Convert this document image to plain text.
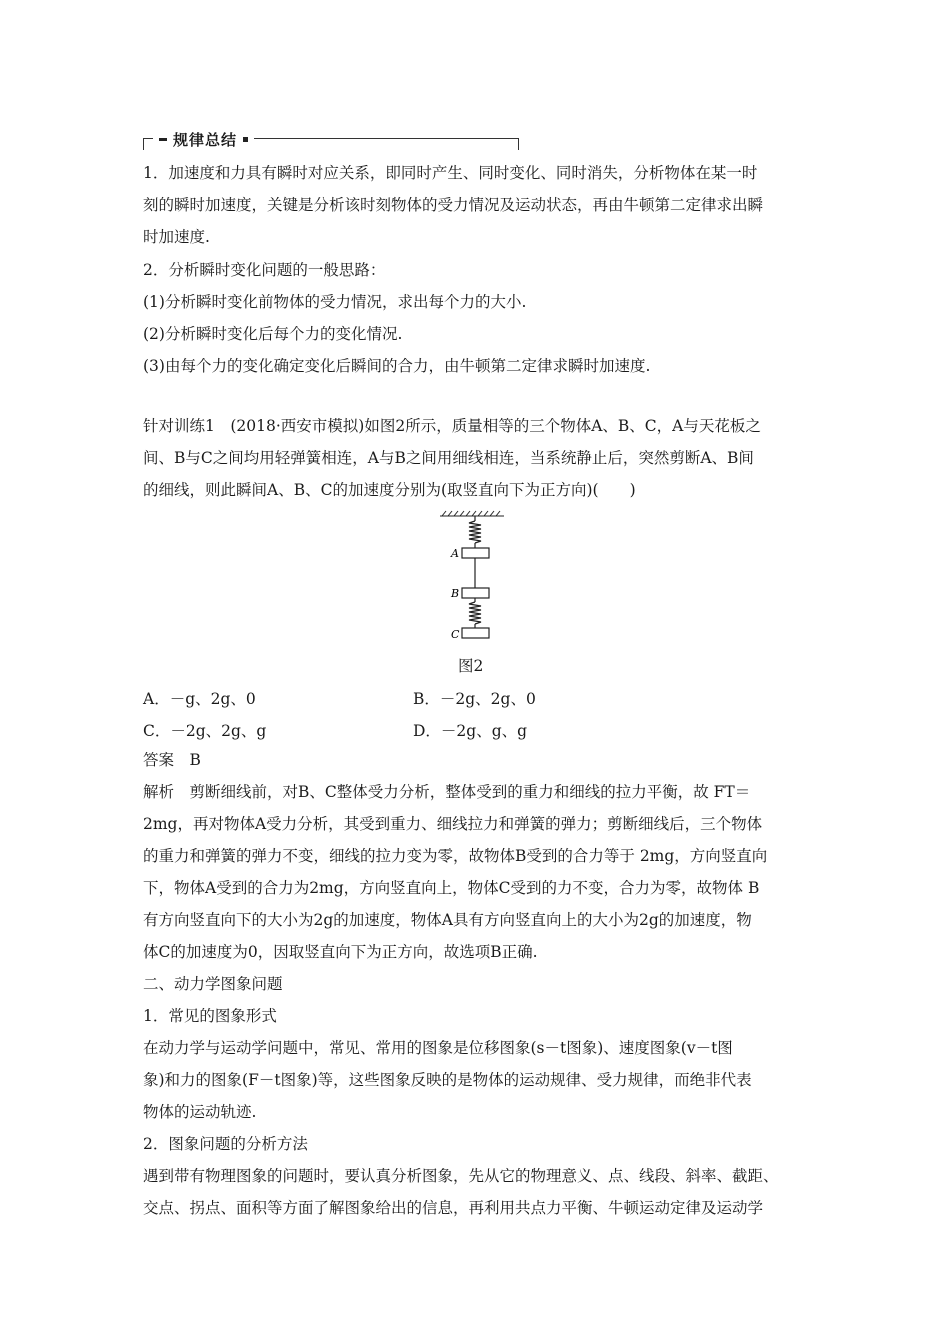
规律总结
1．加速度和力具有瞬时对应关系，即同时产生、同时变化、同时消失，分析物体在某一时
刻的瞬时加速度，关键是分析该时刻物体的受力情况及运动状态，再由牛顿第二定律求出瞬
时加速度.
2．分析瞬时变化问题的一般思路：
(1)分析瞬时变化前物体的受力情况，求出每个力的大小.
(2)分析瞬时变化后每个力的变化情况.
(3)由每个力的变化确定变化后瞬间的合力，由牛顿第二定律求瞬时加速度.
针对训练1　(2018·西安市模拟)如图2所示，质量相等的三个物体A、B、C，A与天花板之
间、B与C之间均用轻弹簧相连，A与B之间用细线相连，当系统静止后，突然剪断A、B间
的细线，则此瞬间A、B、C的加速度分别为(取竖直向下为正方向)(　　)
A
B
C
图2
A．－g、2g、0	B．－2g、2g、0
C．－2g、2g、g	D．－2g、g、g
答案　B
解析　剪断细线前，对B、C整体受力分析，整体受到的重力和细线的拉力平衡，故 FT＝
2mg，再对物体A受力分析，其受到重力、细线拉力和弹簧的弹力；剪断细线后，三个物体
的重力和弹簧的弹力不变，细线的拉力变为零，故物体B受到的合力等于 2mg，方向竖直向
下，物体A受到的合力为2mg，方向竖直向上，物体C受到的力不变，合力为零，故物体 B
有方向竖直向下的大小为2g的加速度，物体A具有方向竖直向上的大小为2g的加速度，物
体C的加速度为0，因取竖直向下为正方向，故选项B正确.
二、动力学图象问题
1．常见的图象形式
在动力学与运动学问题中，常见、常用的图象是位移图象(s－t图象)、速度图象(v－t图
象)和力的图象(F－t图象)等，这些图象反映的是物体的运动规律、受力规律，而绝非代表
物体的运动轨迹.
2．图象问题的分析方法
遇到带有物理图象的问题时，要认真分析图象，先从它的物理意义、点、线段、斜率、截距、
交点、拐点、面积等方面了解图象给出的信息，再利用共点力平衡、牛顿运动定律及运动学
